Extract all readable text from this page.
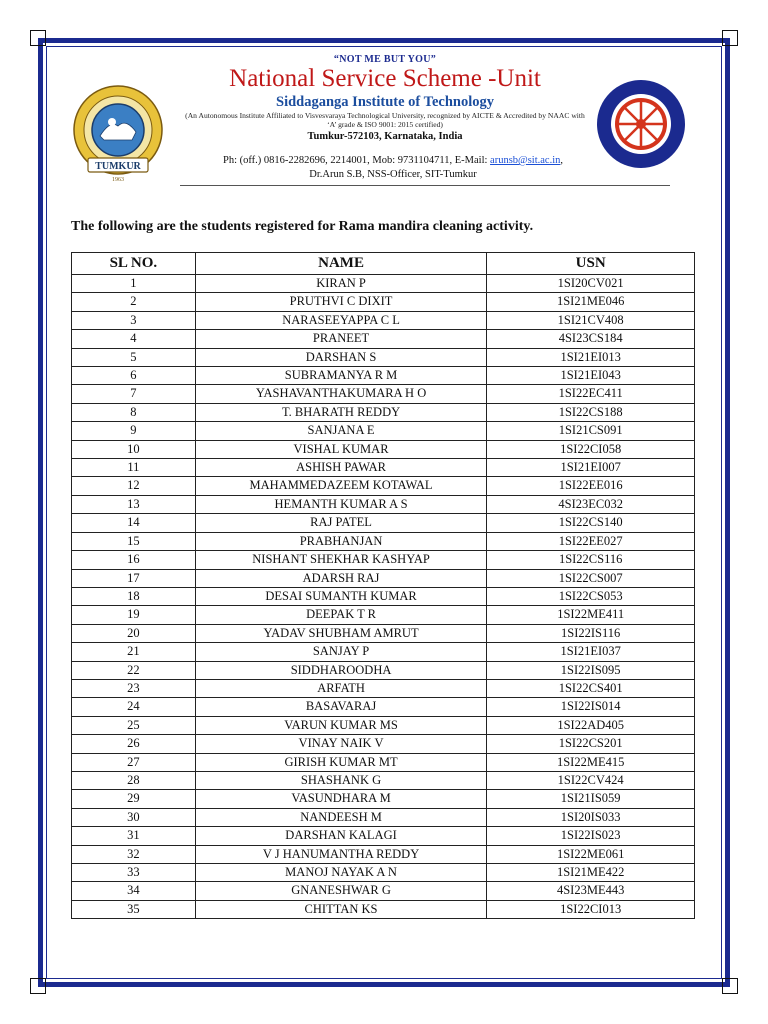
TUMKUR
1963
“NOT ME BUT YOU”
National Service Scheme -Unit
Siddaganga Institute of Technology
(An Autonomous Institute Affiliated to Visvesvaraya Technological University, recognized by AICTE & Accredited by NAAC with ‘A’ grade & ISO 9001: 2015 certified)
Tumkur-572103, Karnataka, India
Ph: (off.) 0816-2282696, 2214001, Mob: 9731104711, E-Mail: arunsb@sit.ac.in,
Dr.Arun S.B, NSS-Officer, SIT-Tumkur
The following are the students registered for Rama mandira cleaning activity.
SL NO.	NAME	USN
1	KIRAN P	1SI20CV021
2	PRUTHVI C DIXIT	1SI21ME046
3	NARASEEYAPPA C L	1SI21CV408
4	PRANEET	4SI23CS184
5	DARSHAN S	1SI21EI013
6	SUBRAMANYA R M	1SI21EI043
7	YASHAVANTHAKUMARA H O	1SI22EC411
8	T. BHARATH REDDY	1SI22CS188
9	SANJANA E	1SI21CS091
10	VISHAL KUMAR	1SI22CI058
11	ASHISH PAWAR	1SI21EI007
12	MAHAMMEDAZEEM KOTAWAL	1SI22EE016
13	HEMANTH KUMAR A S	4SI23EC032
14	RAJ PATEL	1SI22CS140
15	PRABHANJAN	1SI22EE027
16	NISHANT SHEKHAR KASHYAP	1SI22CS116
17	ADARSH RAJ	1SI22CS007
18	DESAI SUMANTH KUMAR	1SI22CS053
19	DEEPAK T R	1SI22ME411
20	YADAV SHUBHAM AMRUT	1SI22IS116
21	SANJAY P	1SI21EI037
22	SIDDHAROODHA	1SI22IS095
23	ARFATH	1SI22CS401
24	BASAVARAJ	1SI22IS014
25	VARUN KUMAR MS	1SI22AD405
26	VINAY NAIK V	1SI22CS201
27	GIRISH KUMAR MT	1SI22ME415
28	SHASHANK G	1SI22CV424
29	VASUNDHARA M	1SI21IS059
30	NANDEESH M	1SI20IS033
31	DARSHAN KALAGI	1SI22IS023
32	V J HANUMANTHA REDDY	1SI22ME061
33	MANOJ NAYAK A N	1SI21ME422
34	GNANESHWAR G	4SI23ME443
35	CHITTAN KS	1SI22CI013
